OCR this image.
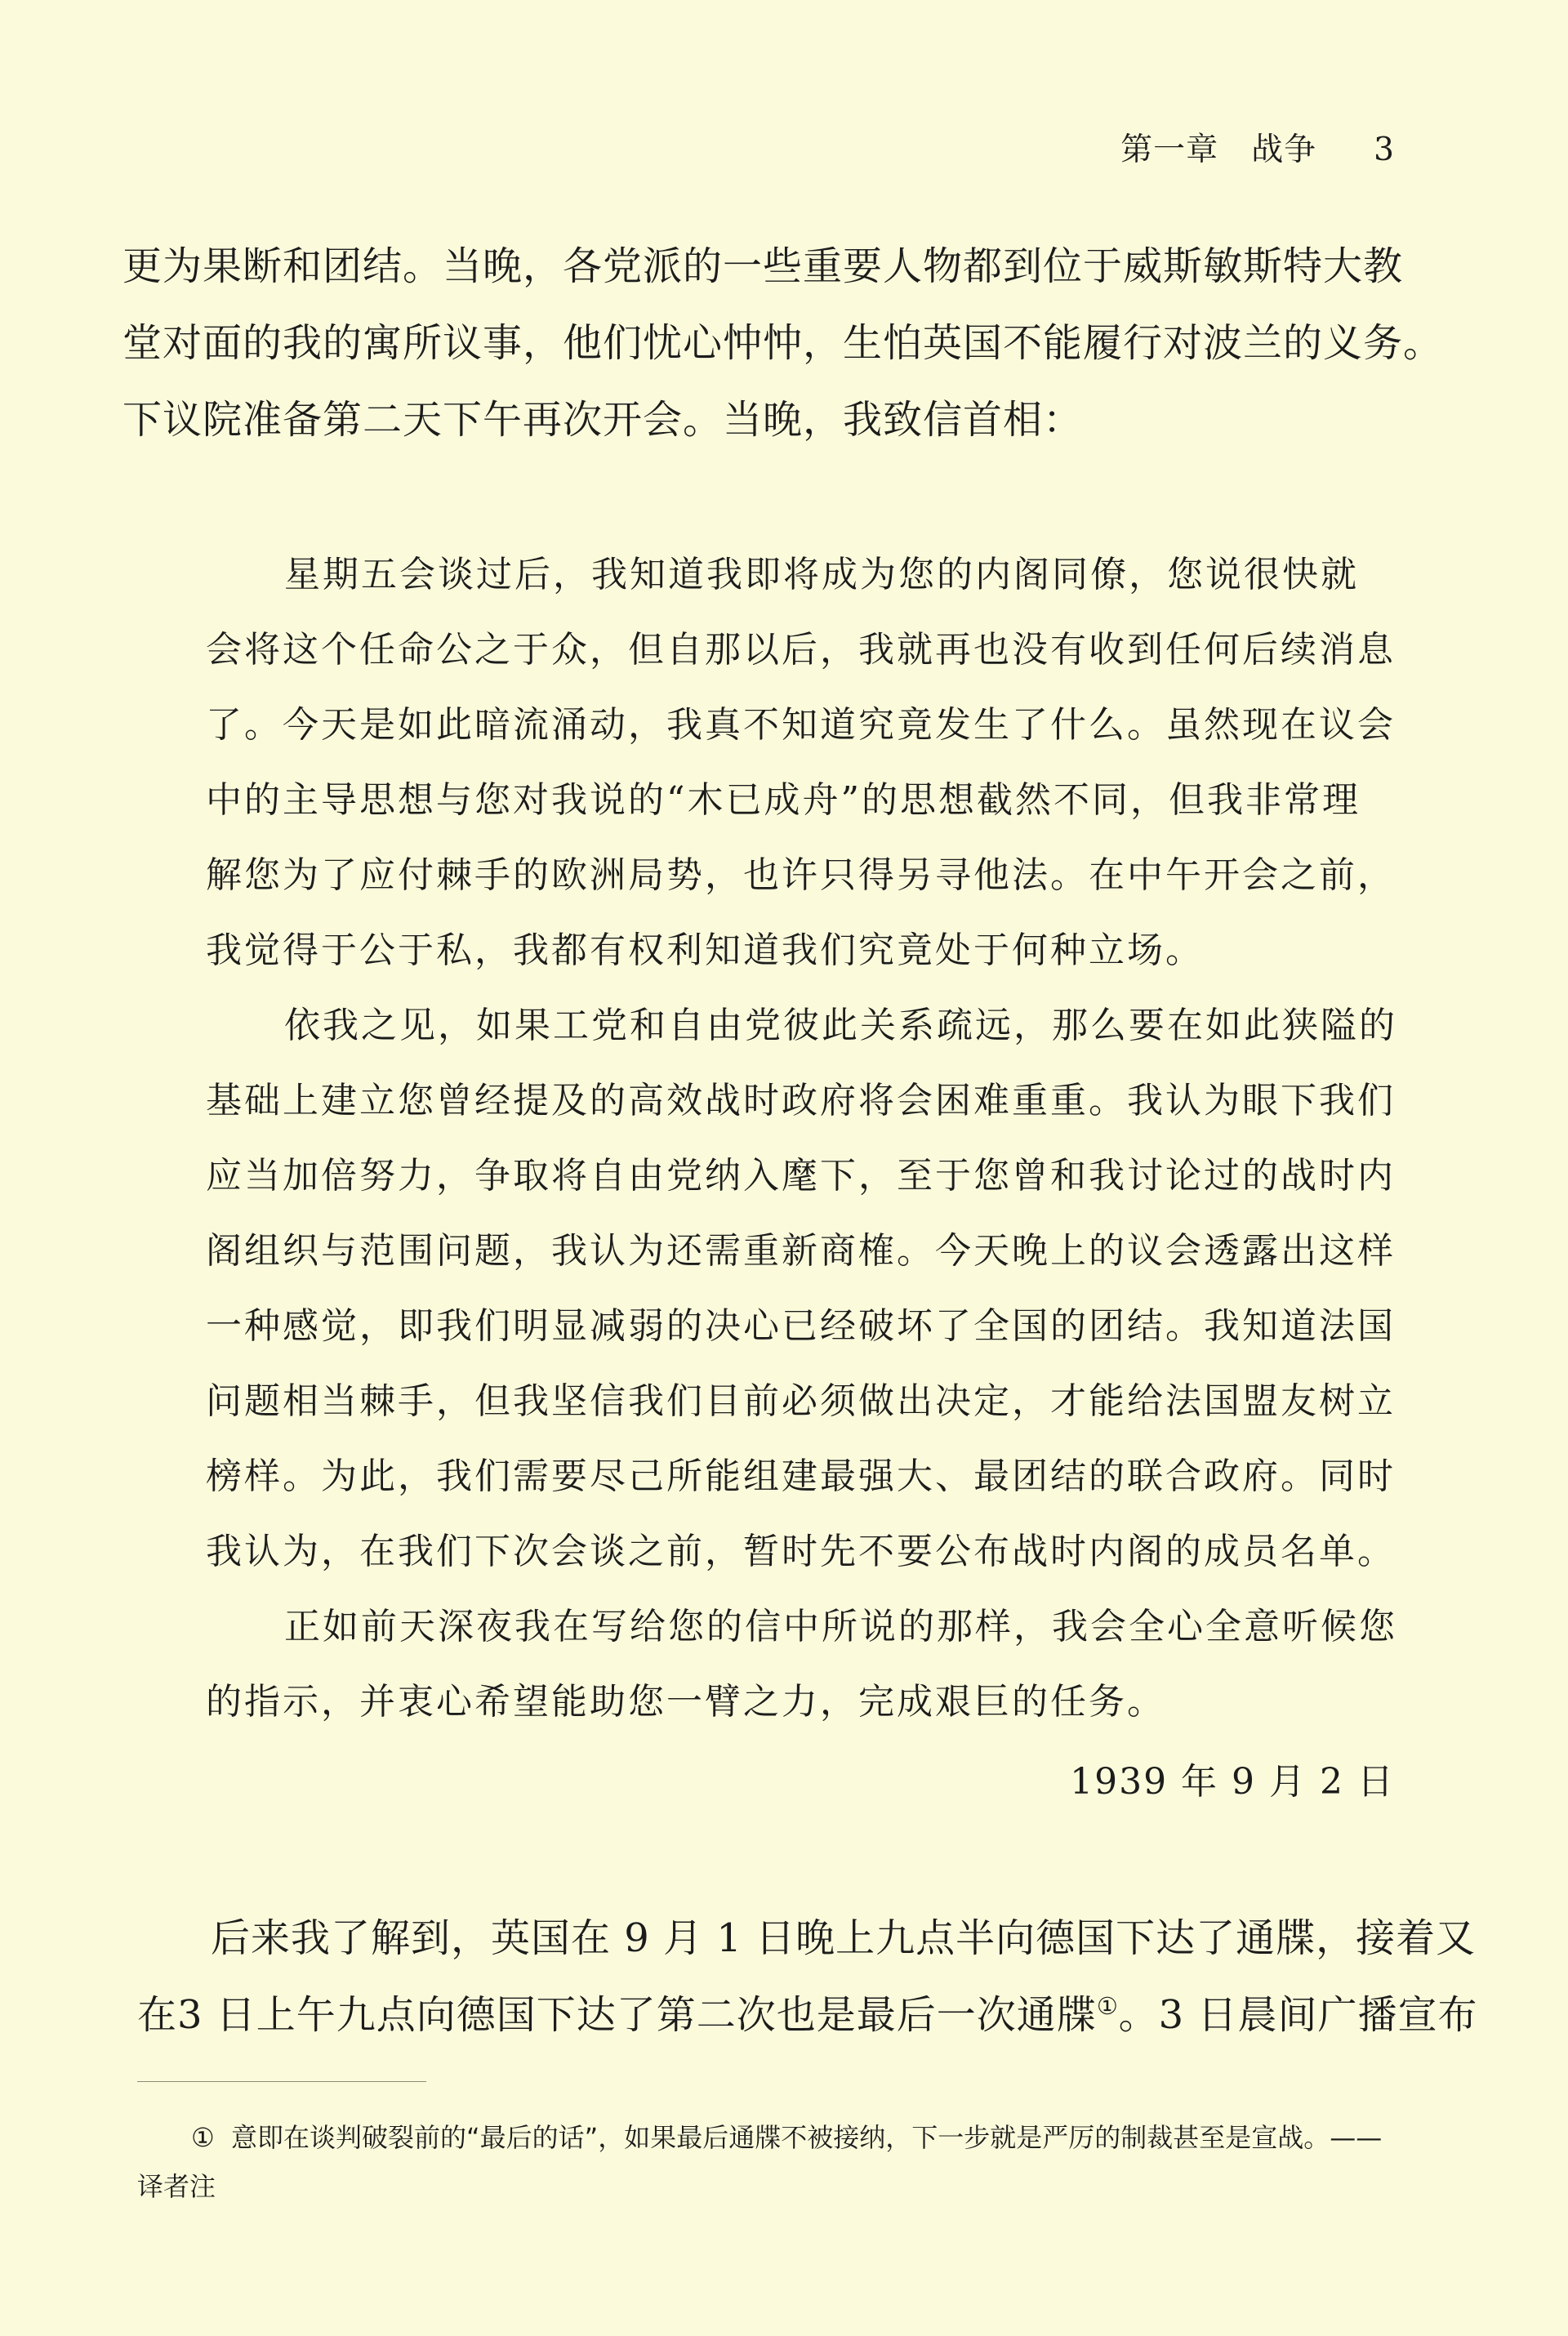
第一章　战争 3
更为果断和团结。当晚，各党派的一些重要人物都到位于威斯敏斯特大教
堂对面的我的寓所议事，他们忧心忡忡，生怕英国不能履行对波兰的义务。
下议院准备第二天下午再次开会。当晚，我致信首相：
星期五会谈过后，我知道我即将成为您的内阁同僚，您说很快就
会将这个任命公之于众，但自那以后，我就再也没有收到任何后续消息
了。今天是如此暗流涌动，我真不知道究竟发生了什么。虽然现在议会
中的主导思想与您对我说的“木已成舟”的思想截然不同，但我非常理
解您为了应付棘手的欧洲局势，也许只得另寻他法。在中午开会之前，
我觉得于公于私，我都有权利知道我们究竟处于何种立场。
依我之见，如果工党和自由党彼此关系疏远，那么要在如此狭隘的
基础上建立您曾经提及的高效战时政府将会困难重重。我认为眼下我们
应当加倍努力，争取将自由党纳入麾下，至于您曾和我讨论过的战时内
阁组织与范围问题，我认为还需重新商榷。今天晚上的议会透露出这样
一种感觉，即我们明显减弱的决心已经破坏了全国的团结。我知道法国
问题相当棘手，但我坚信我们目前必须做出决定，才能给法国盟友树立
榜样。为此，我们需要尽己所能组建最强大、最团结的联合政府。同时
我认为，在我们下次会谈之前，暂时先不要公布战时内阁的成员名单。
正如前天深夜我在写给您的信中所说的那样，我会全心全意听候您
的指示，并衷心希望能助您一臂之力，完成艰巨的任务。
1939 年 9 月 2 日
后来我了解到，英国在 9 月 1 日晚上九点半向德国下达了通牒，接着又
在3 日上午九点向德国下达了第二次也是最后一次通牒①。3 日晨间广播宣布
① 意即在谈判破裂前的“最后的话”，如果最后通牒不被接纳，下一步就是严厉的制裁甚至是宣战。——
译者注
